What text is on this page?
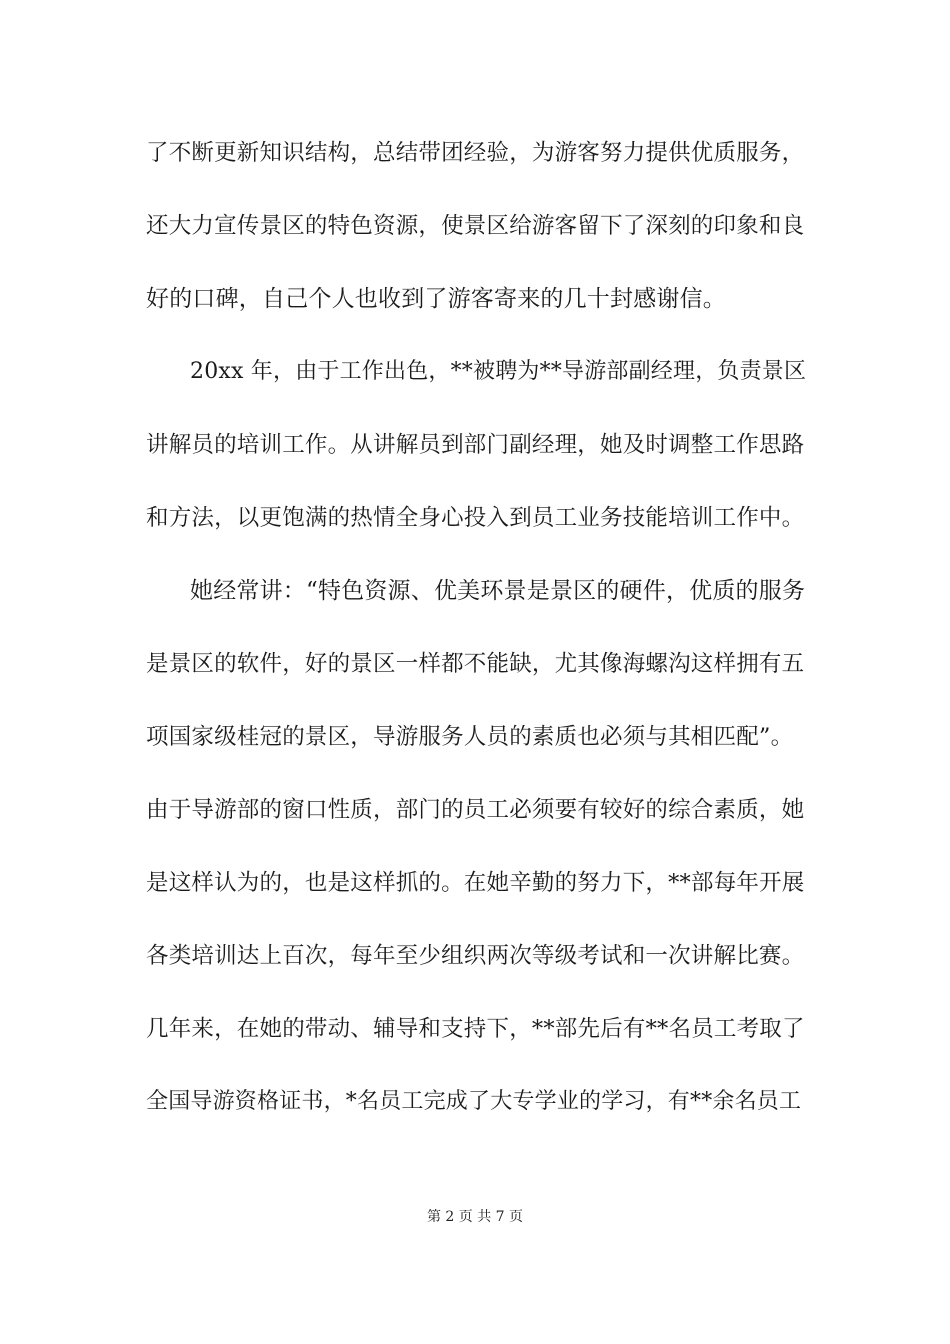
了不断更新知识结构，总结带团经验，为游客努力提供优质服务，
还大力宣传景区的特色资源，使景区给游客留下了深刻的印象和良
好的口碑，自己个人也收到了游客寄来的几十封感谢信。
20xx 年，由于工作出色，**被聘为**导游部副经理，负责景区
讲解员的培训工作。从讲解员到部门副经理，她及时调整工作思路
和方法，以更饱满的热情全身心投入到员工业务技能培训工作中。
她经常讲：“特色资源、优美环景是景区的硬件，优质的服务
是景区的软件，好的景区一样都不能缺，尤其像海螺沟这样拥有五
项国家级桂冠的景区，导游服务人员的素质也必须与其相匹配”。
由于导游部的窗口性质，部门的员工必须要有较好的综合素质，她
是这样认为的，也是这样抓的。在她辛勤的努力下，**部每年开展
各类培训达上百次，每年至少组织两次等级考试和一次讲解比赛。
几年来，在她的带动、辅导和支持下，**部先后有**名员工考取了
全国导游资格证书，*名员工完成了大专学业的学习，有**余名员工
第 2 页 共 7 页
